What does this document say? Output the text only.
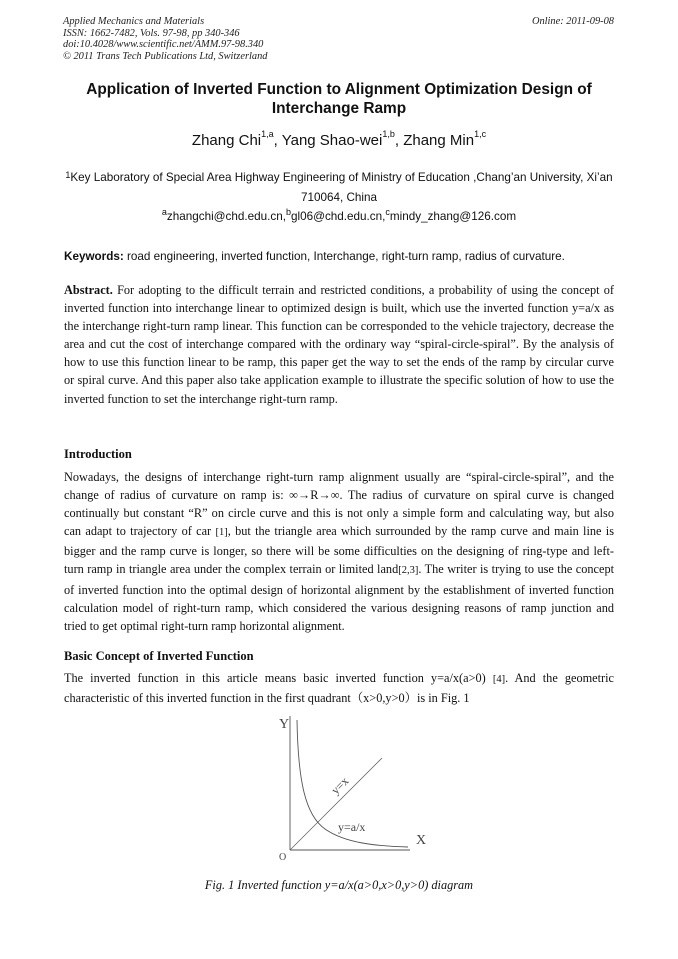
Applied Mechanics and Materials
ISSN: 1662-7482, Vols. 97-98, pp 340-346
doi:10.4028/www.scientific.net/AMM.97-98.340
© 2011 Trans Tech Publications Ltd, Switzerland
Online: 2011-09-08
Application of Inverted Function to Alignment Optimization Design of Interchange Ramp
Zhang Chi$^{1,a}$, Yang Shao-wei$^{1,b}$, Zhang Min$^{1,c}$
$^1$Key Laboratory of Special Area Highway Engineering of Ministry of Education ,Chang’an University, Xi’an 710064, China
$^a$zhangchi@chd.edu.cn,$^b$gl06@chd.edu.cn,$^c$mindy_zhang@126.com
Keywords: road engineering, inverted function, Interchange, right-turn ramp, radius of curvature.
Abstract. For adopting to the difficult terrain and restricted conditions, a probability of using the concept of inverted function into interchange linear to optimized design is built, which use the inverted function y=a/x as the interchange right-turn ramp linear. This function can be corresponded to the vehicle trajectory, decrease the area and cut the cost of interchange compared with the ordinary way “spiral-circle-spiral”. By the analysis of how to use this function linear to be ramp, this paper get the way to set the ends of the ramp by circular curve or spiral curve. And this paper also take application example to illustrate the specific solution of how to use the inverted function to set the interchange right-turn ramp.
Introduction
Nowadays, the designs of interchange right-turn ramp alignment usually are “spiral-circle-spiral”, and the change of radius of curvature on ramp is: ∞→R→∞. The radius of curvature on spiral curve is changed continually but constant “R” on circle curve and this is not only a simple form and calculating way, but also can adapt to trajectory of car [1], but the triangle area which surrounded by the ramp curve and main line is bigger and the ramp curve is longer, so there will be some difficulties on the designing of ring-type and left-turn ramp in triangle area under the complex terrain or limited land[2,3]. The writer is trying to use the concept of inverted function into the optimal design of horizontal alignment by the establishment of inverted function calculation model of right-turn ramp, which considered the various designing reasons of ramp junction and tried to get optimal right-turn ramp horizontal alignment.
Basic Concept of Inverted Function
The inverted function in this article means basic inverted function y=a/x(a>0) [4]. And the geometric characteristic of this inverted function in the first quadrant（x>0,y>0）is in Fig. 1
Y
X
O
y=x
y=a/x
Fig. 1 Inverted function y=a/x(a>0,x>0,y>0) diagram
